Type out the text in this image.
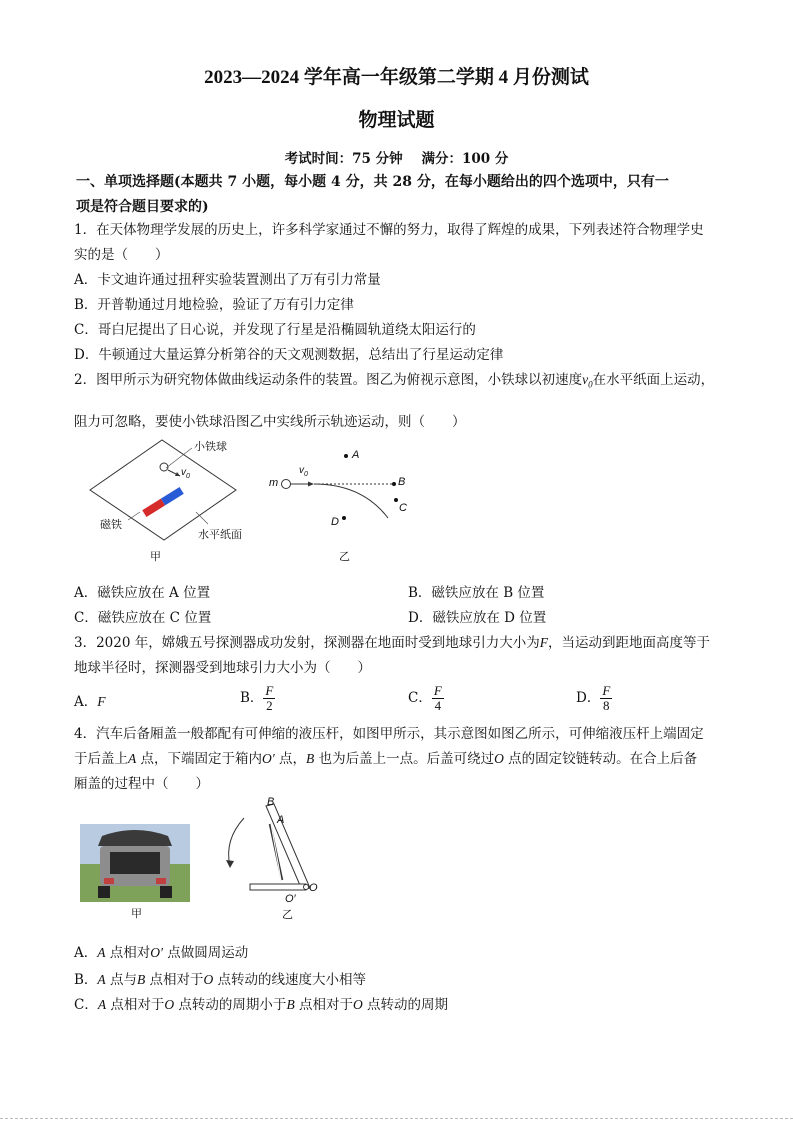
2023—2024 学年高一年级第二学期 4 月份测试
物理试题
考试时间：75 分钟 满分：100 分
一、单项选择题(本题共 7 小题，每小题 4 分，共 28 分，在每小题给出的四个选项中，只有一
项是符合题目要求的)
1．在天体物理学发展的历史上，许多科学家通过不懈的努力，取得了辉煌的成果，下列表述符合物理学史
实的是（　　）
A．卡文迪许通过扭秤实验装置测出了万有引力常量
B．开普勒通过月地检验，验证了万有引力定律
C．哥白尼提出了日心说，并发现了行星是沿椭圆轨道绕太阳运行的
D．牛顿通过大量运算分析第谷的天文观测数据，总结出了行星运动定律
2．图甲所示为研究物体做曲线运动条件的装置。图乙为俯视示意图，小铁球以初速度$v_0$在水平纸面上运动，
阻力可忽略，要使小铁球沿图乙中实线所示轨迹运动，则（　　）
小铁球
$v_0$
磁铁
水平纸面
甲
m
$v_0$
A
B
C
D
乙
A．磁铁应放在 A 位置	B．磁铁应放在 B 位置
C．磁铁应放在 C 位置	D．磁铁应放在 D 位置
3．2020 年，嫦娥五号探测器成功发射，探测器在地面时受到地球引力大小为F，当运动到距地面高度等于
地球半径时，探测器受到地球引力大小为（　　）
A．F	B． $\frac{F}{2}$	C． $\frac{F}{4}$	D． $\frac{F}{8}$
4．汽车后备厢盖一般都配有可伸缩的液压杆，如图甲所示，其示意图如图乙所示，可伸缩液压杆上端固定
于后盖上A 点，下端固定于箱内O′ 点，B 也为后盖上一点。后盖可绕过O 点的固定铰链转动。在合上后备
厢盖的过程中（　　）
甲
B
A
O
O′
乙
A．A 点相对O′ 点做圆周运动
B．A 点与B 点相对于O 点转动的线速度大小相等
C．A 点相对于O 点转动的周期小于B 点相对于O 点转动的周期
